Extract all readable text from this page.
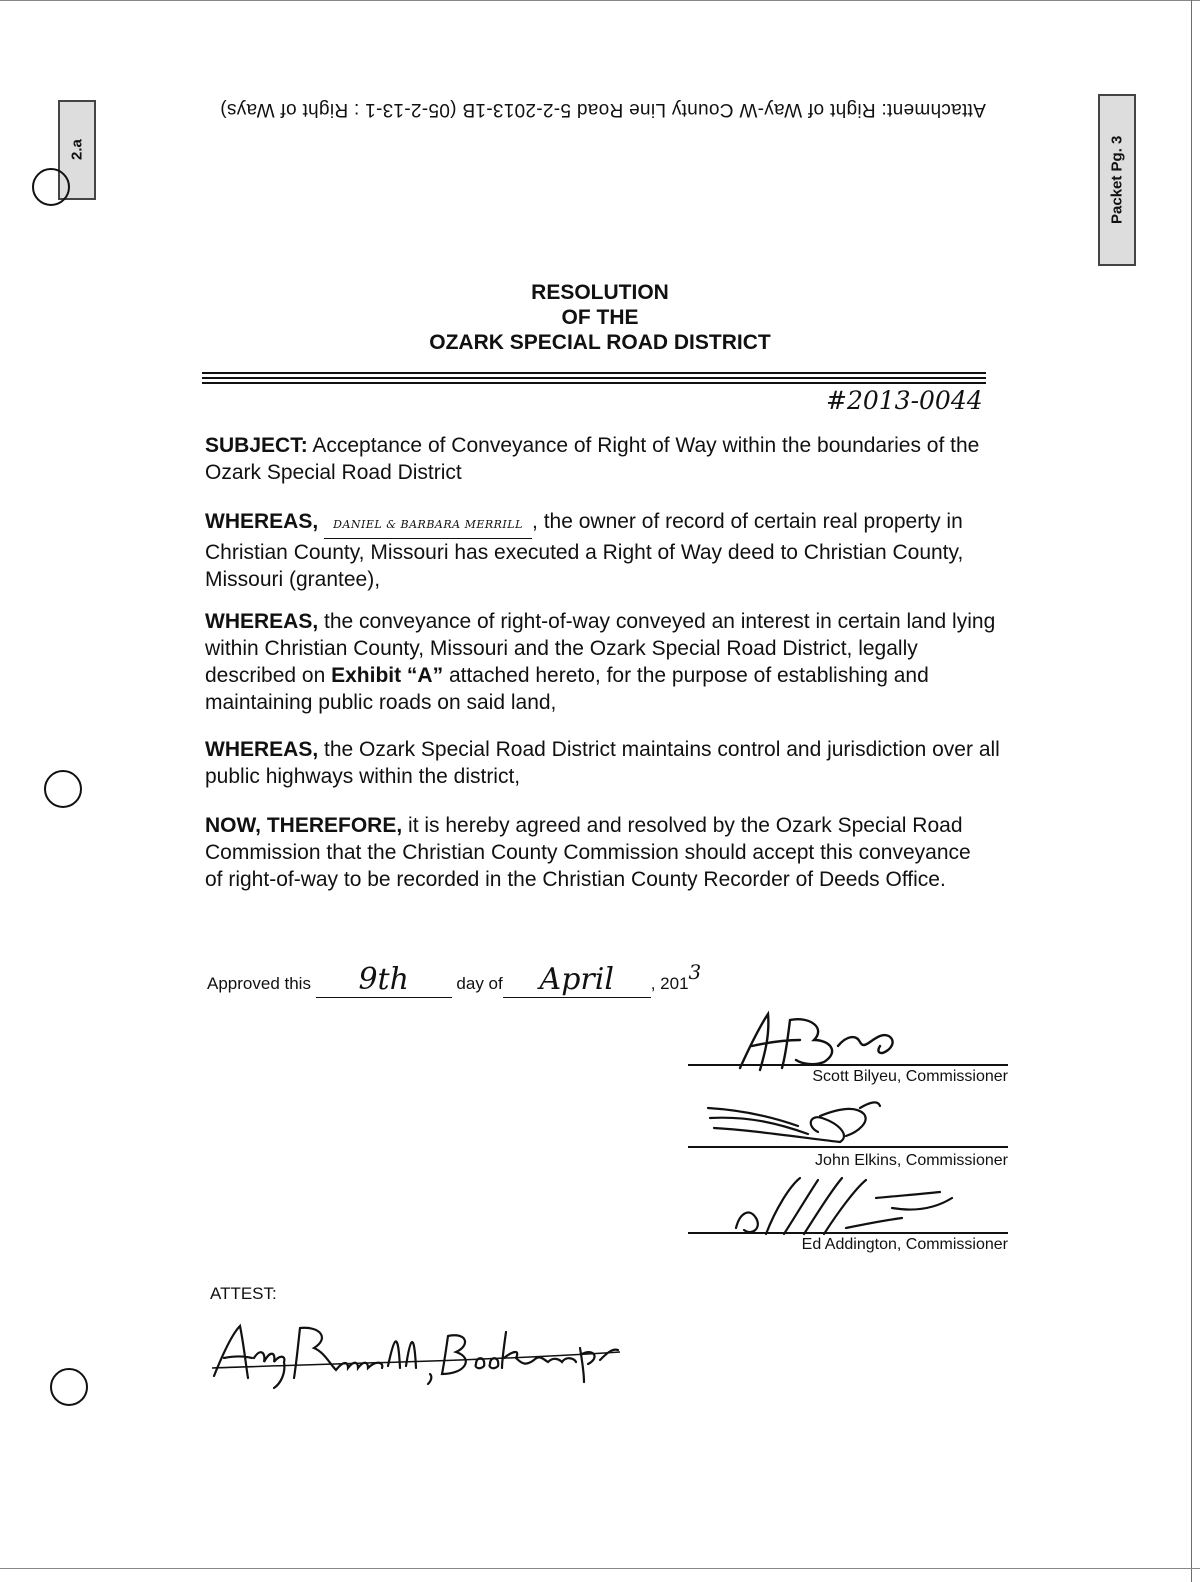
Attachment: Right of Way-W County Line Road 5-2-2013-1B (05-2-13-1 : Right of Ways)
2.a	Packet Pg. 3
RESOLUTION
OF THE
OZARK SPECIAL ROAD DISTRICT
#2013-0044
SUBJECT: Acceptance of Conveyance of Right of Way within the boundaries of the Ozark Special Road District
WHEREAS, DANIEL & BARBARA MERRILL , the owner of record of certain real property in Christian County, Missouri has executed a Right of Way deed to Christian County, Missouri (grantee),
WHEREAS, the conveyance of right-of-way conveyed an interest in certain land lying within Christian County, Missouri and the Ozark Special Road District, legally described on Exhibit “A” attached hereto, for the purpose of establishing and maintaining public roads on said land,
WHEREAS, the Ozark Special Road District maintains control and jurisdiction over all public highways within the district,
NOW, THEREFORE, it is hereby agreed and resolved by the Ozark Special Road Commission that the Christian County Commission should accept this conveyance of right-of-way to be recorded in the Christian County Recorder of Deeds Office.
Approved this 9th	day of April , 2013
Scott Bilyeu, Commissioner
John Elkins, Commissioner
Ed Addington, Commissioner
ATTEST:
